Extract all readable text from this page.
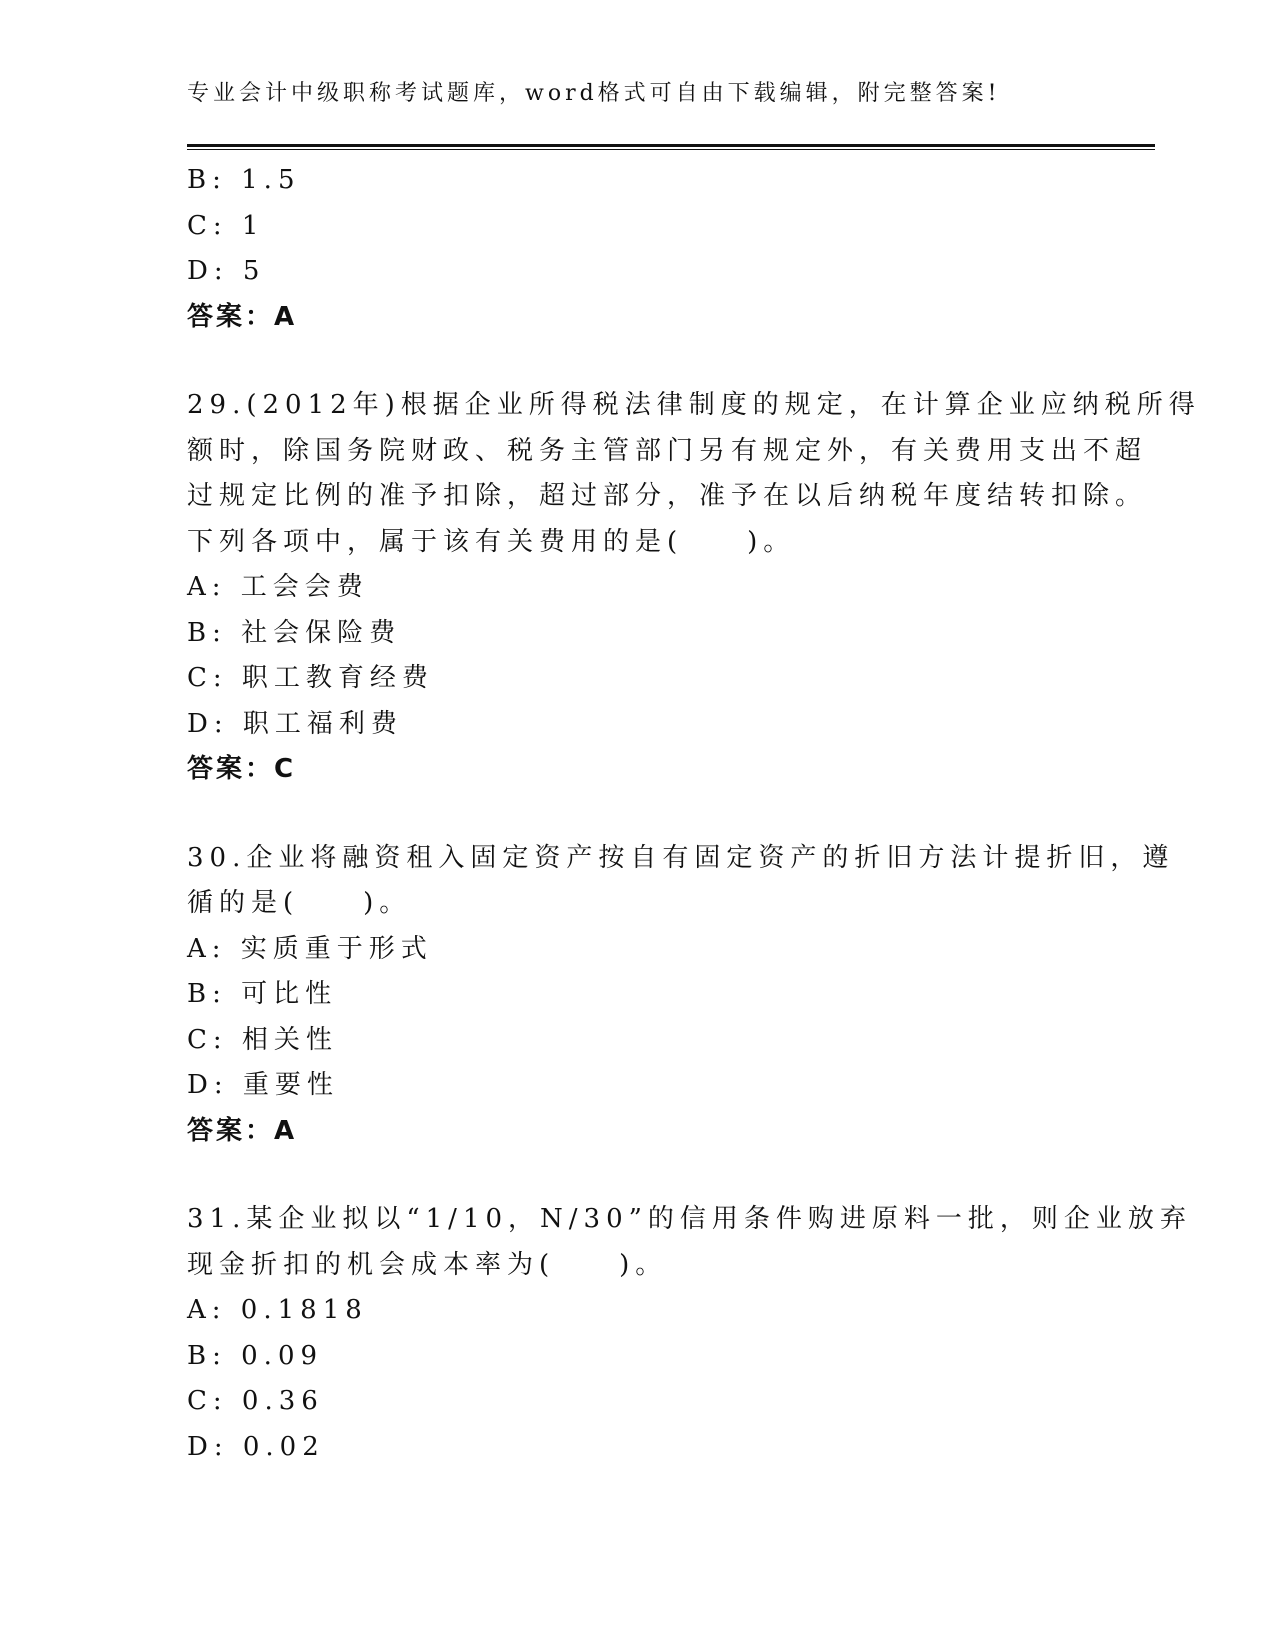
专业会计中级职称考试题库，word格式可自由下载编辑，附完整答案!
B: 1.5
C: 1
D: 5
答案：A
29.(2012年)根据企业所得税法律制度的规定，在计算企业应纳税所得
额时，除国务院财政、税务主管部门另有规定外，有关费用支出不超
过规定比例的准予扣除，超过部分，准予在以后纳税年度结转扣除。
下列各项中，属于该有关费用的是(　　)。
A: 工会会费
B: 社会保险费
C: 职工教育经费
D: 职工福利费
答案：C
30.企业将融资租入固定资产按自有固定资产的折旧方法计提折旧，遵
循的是(　　)。
A: 实质重于形式
B: 可比性
C: 相关性
D: 重要性
答案：A
31.某企业拟以“1/10，N/30”的信用条件购进原料一批，则企业放弃
现金折扣的机会成本率为(　　)。
A: 0.1818
B: 0.09
C: 0.36
D: 0.02
